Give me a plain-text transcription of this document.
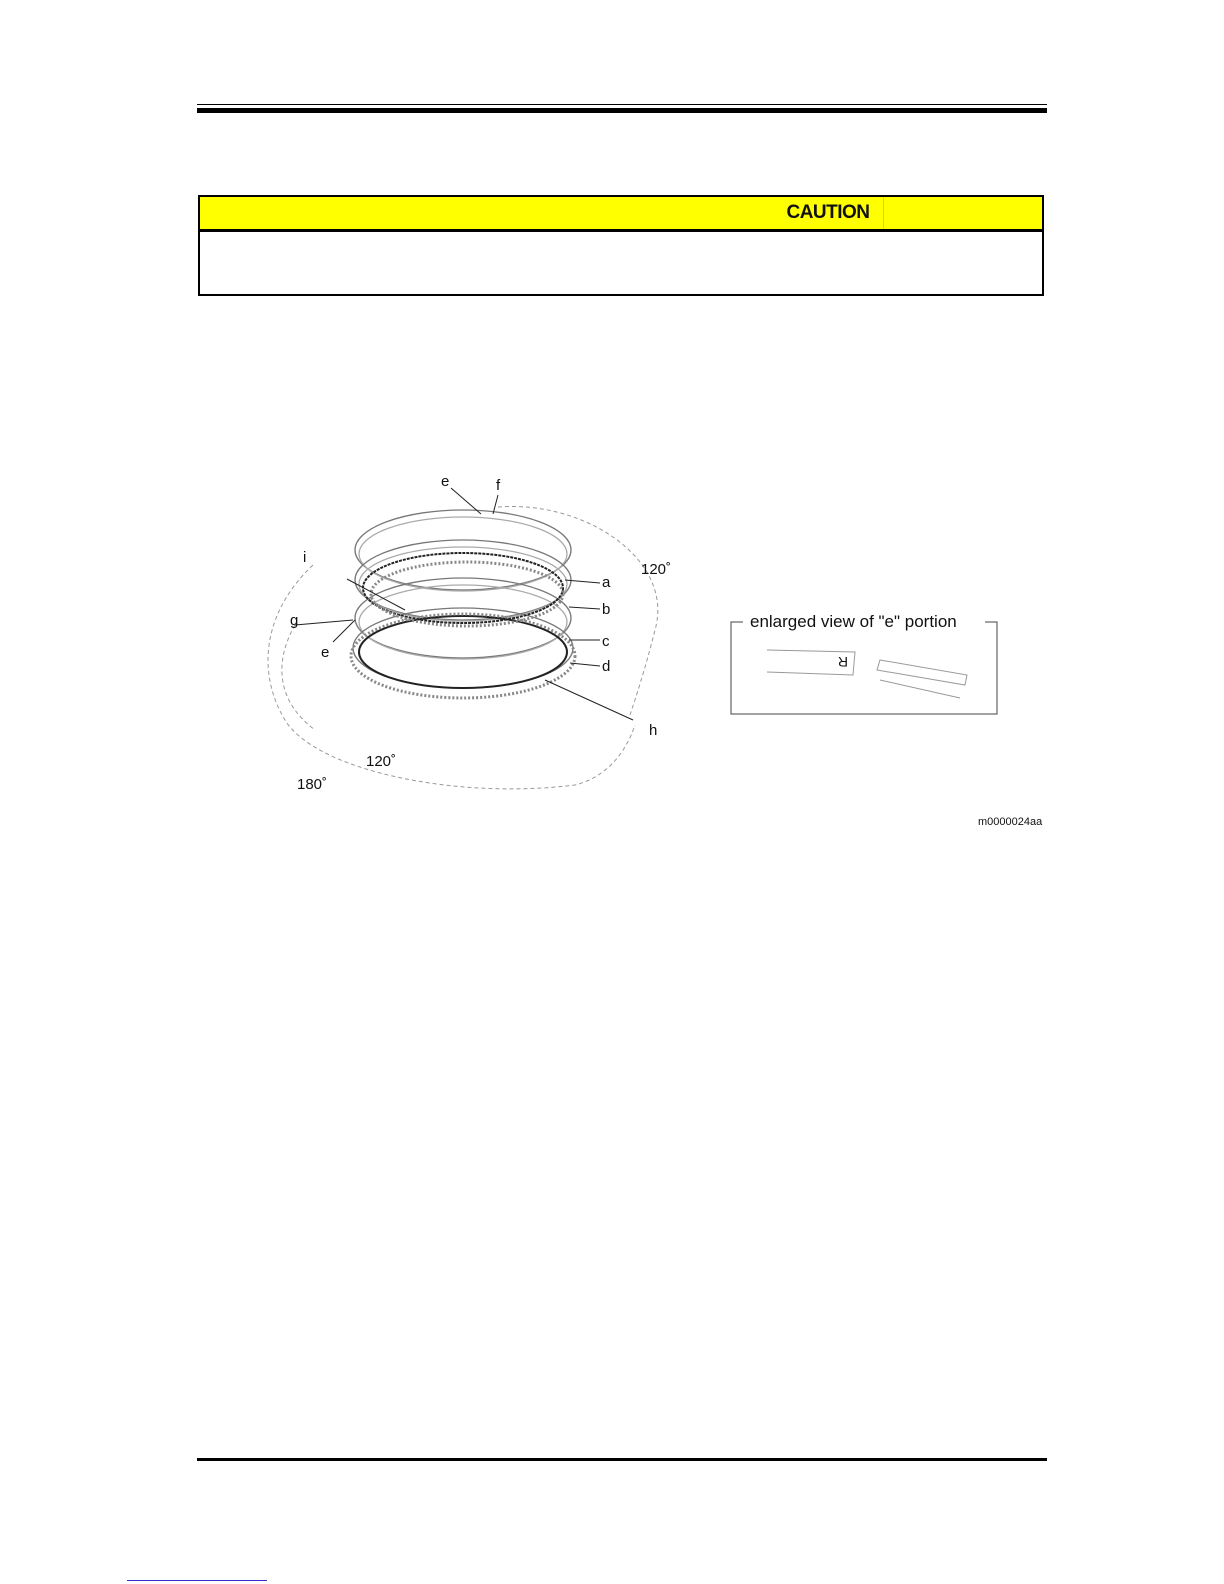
CAUTION
e	f
120˚
i
a
b
g
c
e
d
h
120˚
180˚
enlarged view of "e" portion
R
m0000024aa
